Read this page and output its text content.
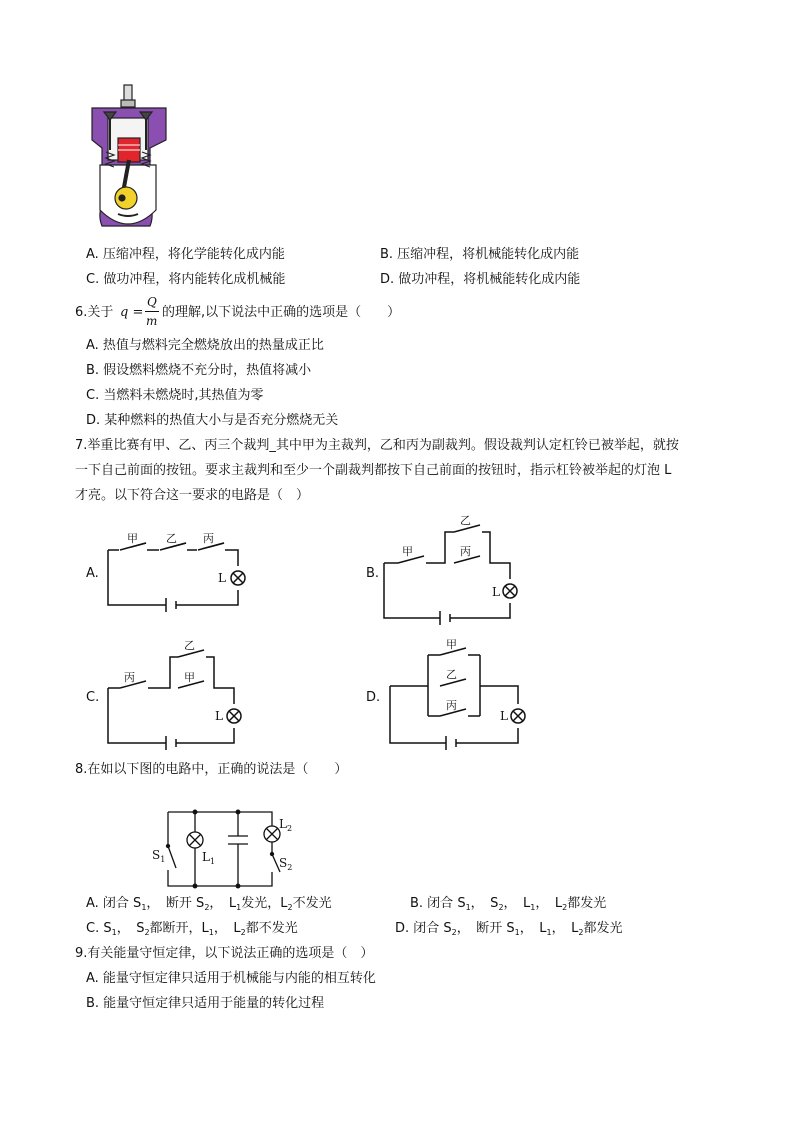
A. 压缩冲程，将化学能转化成内能	B. 压缩冲程，将机械能转化成内能
C. 做功冲程，将内能转化成机械能	D. 做功冲程，将机械能转化成内能
6.关于 q =
Q
m
的理解,以下说法中正确的选项是（　　）
A. 热值与燃料完全燃烧放出的热量成正比
B. 假设燃料燃烧不充分时，热值将减小
C. 当燃料未燃烧时,其热值为零
D. 某种燃料的热值大小与是否充分燃烧无关
7.举重比赛有甲、乙、丙三个裁判_其中甲为主裁判，乙和丙为副裁判。假设裁判认定杠铃已被举起，就按
一下自己前面的按钮。要求主裁判和至少一个副裁判都按下自己前面的按钮时，指示杠铃被举起的灯泡 L
才亮。以下符合这一要求的电路是（　）
A.	B.
C.	D.
甲	乙 丙
L
甲
乙
丙
L
丙
乙
甲
L
甲
乙
丙
L
8.在如以下图的电路中，正确的说法是（　　）
$S_1$	$L_1$
$L_2$
$S_2$
A. 闭合 $S_1$，　断开 $S_2$，　$L_1$发光，$L_2$不发光	B. 闭合 $S_1$，　$S_2$，　$L_1$，　$L_2$都发光
C. $S_1$，　$S_2$都断开，$L_1$，　$L_2$都不发光	D. 闭合 $S_2$，　断开 $S_1$，　$L_1$，　$L_2$都发光
9.有关能量守恒定律，以下说法正确的选项是（　）
A. 能量守恒定律只适用于机械能与内能的相互转化
B. 能量守恒定律只适用于能量的转化过程
